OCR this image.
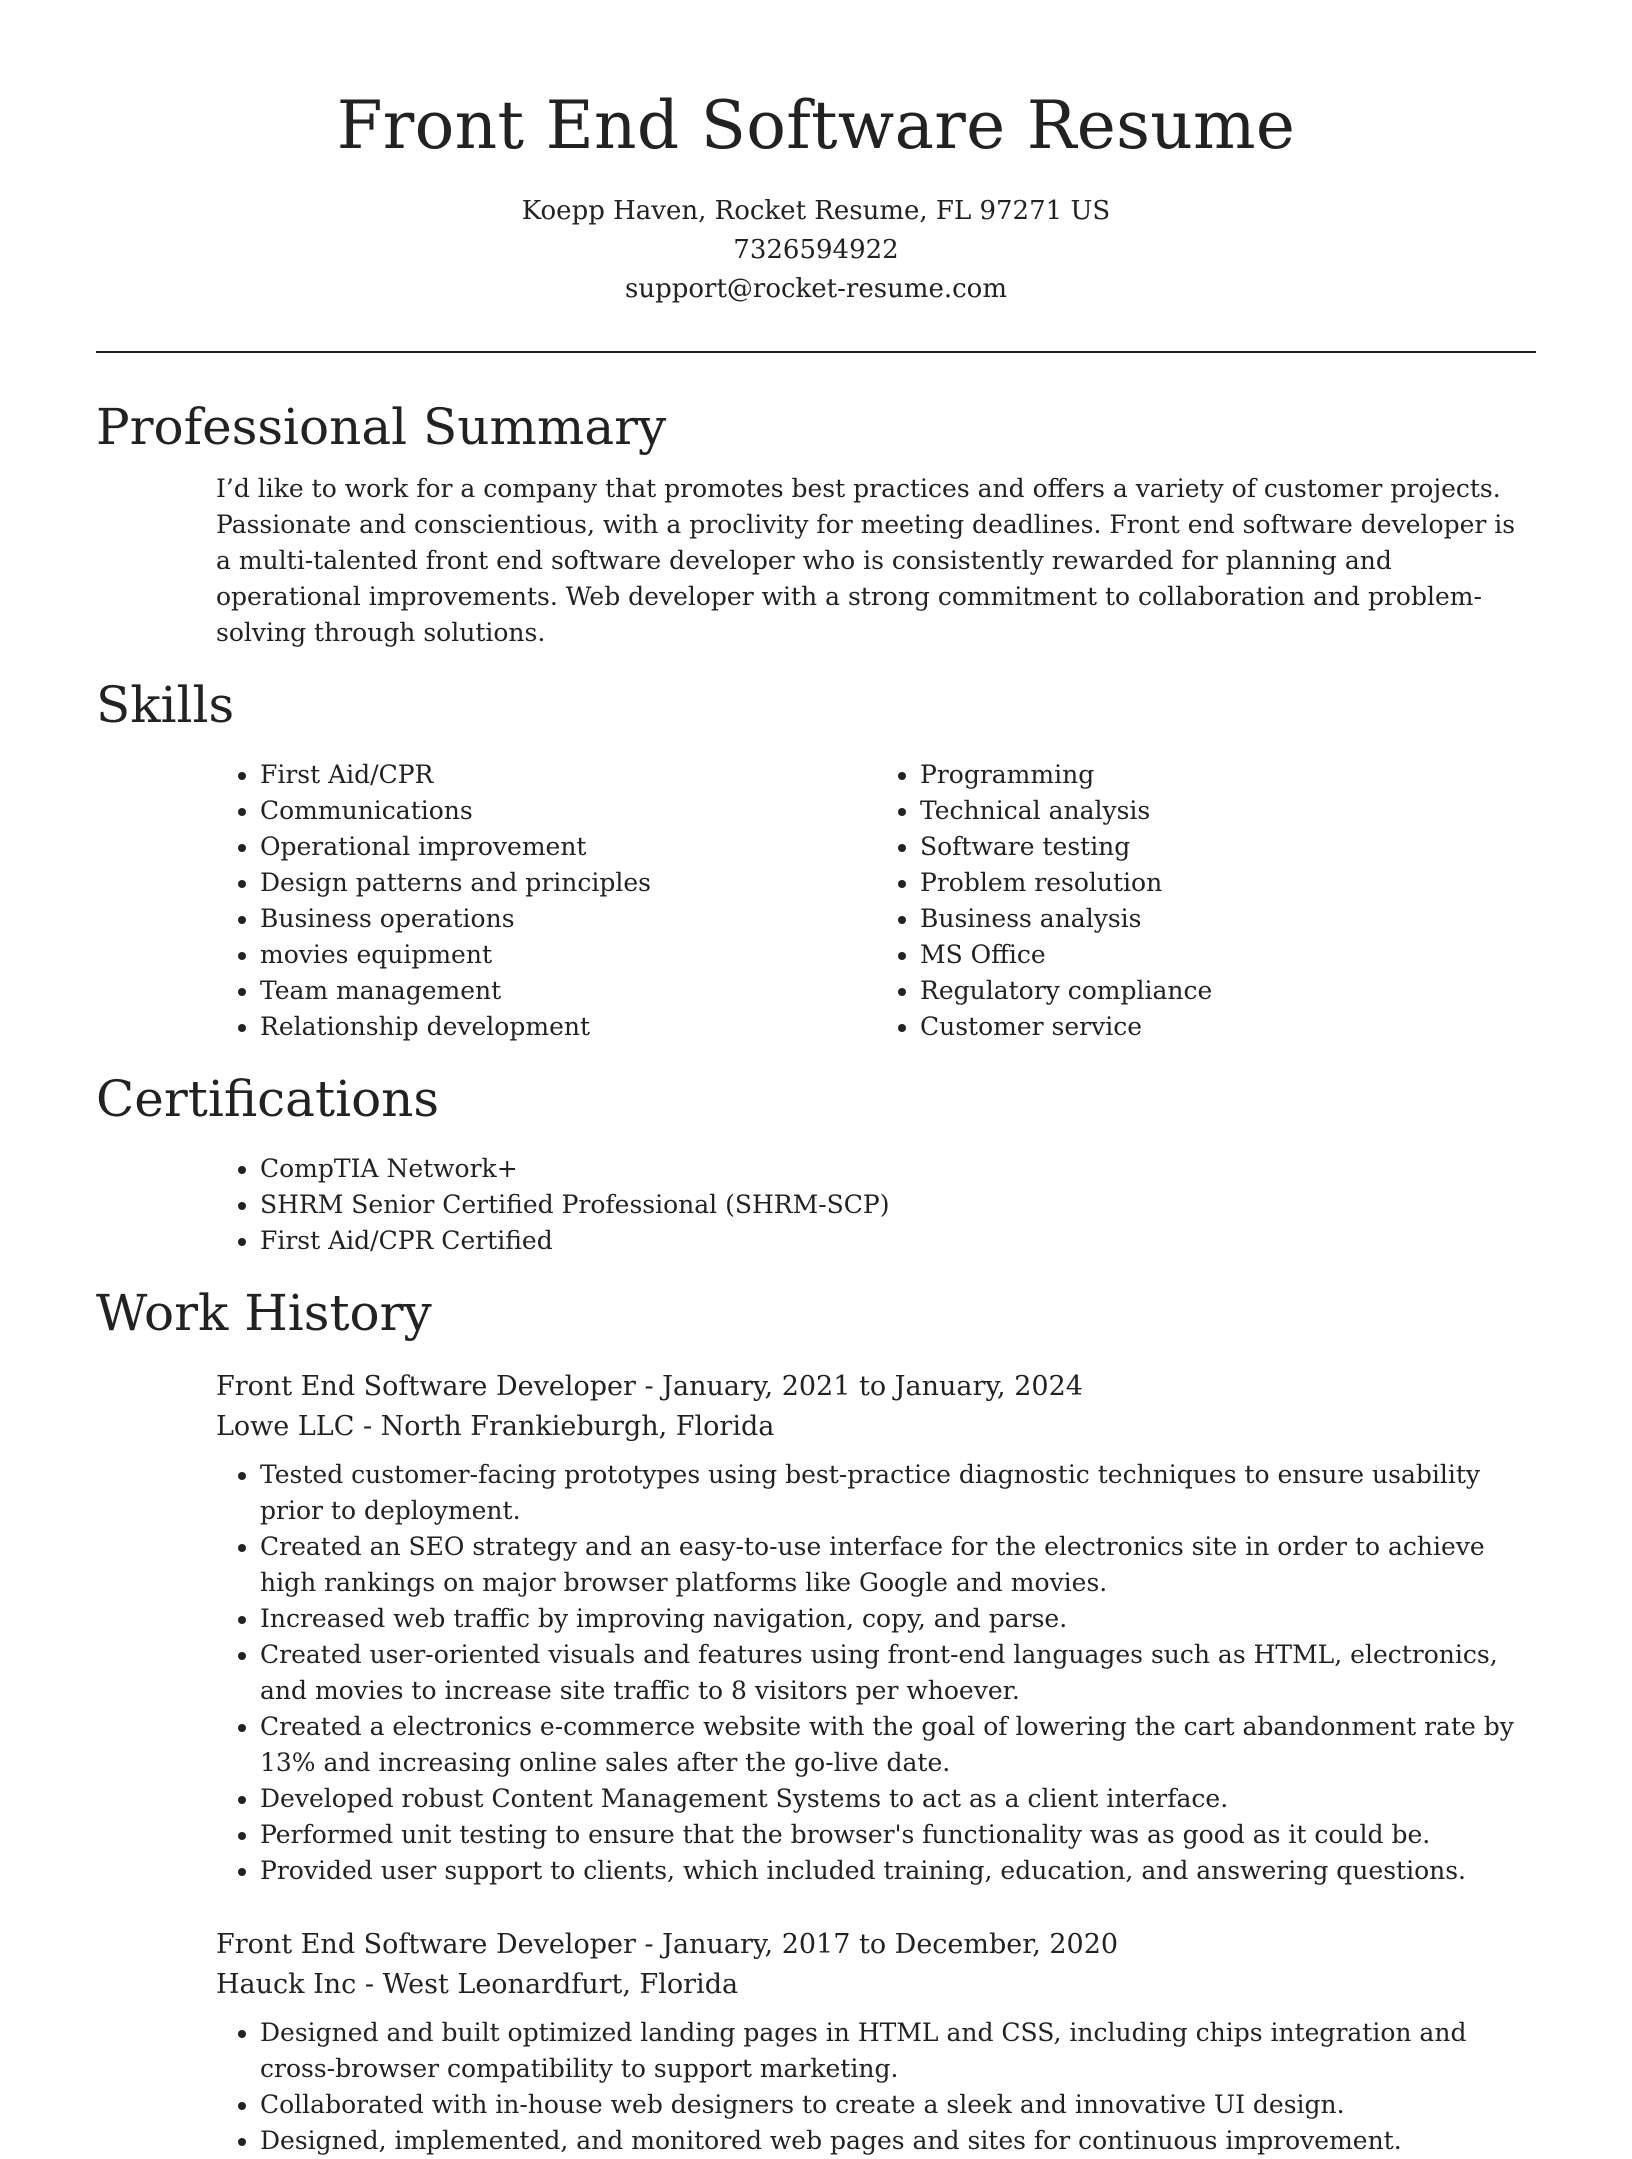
Front End Software Resume
Koepp Haven, Rocket Resume, FL 97271 US
7326594922
support@rocket-resume.com
Professional Summary

I’d like to work for a company that promotes best practices and offers a variety of customer projects. Passionate and conscientious, with a proclivity for meeting deadlines. Front end software developer is a multi-talented front end software developer who is consistently rewarded for planning and operational improvements. Web developer with a strong commitment to collaboration and problem-solving through solutions.

Skills
• First Aid/CPR
• Communications
• Operational improvement
• Design patterns and principles
• Business operations
• movies equipment
• Team management
• Relationship development
• Programming
• Technical analysis
• Software testing
• Problem resolution
• Business analysis
• MS Office
• Regulatory compliance
• Customer service
Certifications
• CompTIA Network+
• SHRM Senior Certified Professional (SHRM-SCP)
• First Aid/CPR Certified
Work History
Front End Software Developer - January, 2021 to January, 2024
Lowe LLC - North Frankieburgh, Florida
• Tested customer-facing prototypes using best-practice diagnostic techniques to ensure usability prior to deployment.
• Created an SEO strategy and an easy-to-use interface for the electronics site in order to achieve high rankings on major browser platforms like Google and movies.
• Increased web traffic by improving navigation, copy, and parse.
• Created user-oriented visuals and features using front-end languages such as HTML, electronics, and movies to increase site traffic to 8 visitors per whoever.
• Created a electronics e-commerce website with the goal of lowering the cart abandonment rate by 13% and increasing online sales after the go-live date.
• Developed robust Content Management Systems to act as a client interface.
• Performed unit testing to ensure that the browser's functionality was as good as it could be.
• Provided user support to clients, which included training, education, and answering questions.
Front End Software Developer - January, 2017 to December, 2020
Hauck Inc - West Leonardfurt, Florida
• Designed and built optimized landing pages in HTML and CSS, including chips integration and cross-browser compatibility to support marketing.
• Collaborated with in-house web designers to create a sleek and innovative UI design.
• Designed, implemented, and monitored web pages and sites for continuous improvement.
